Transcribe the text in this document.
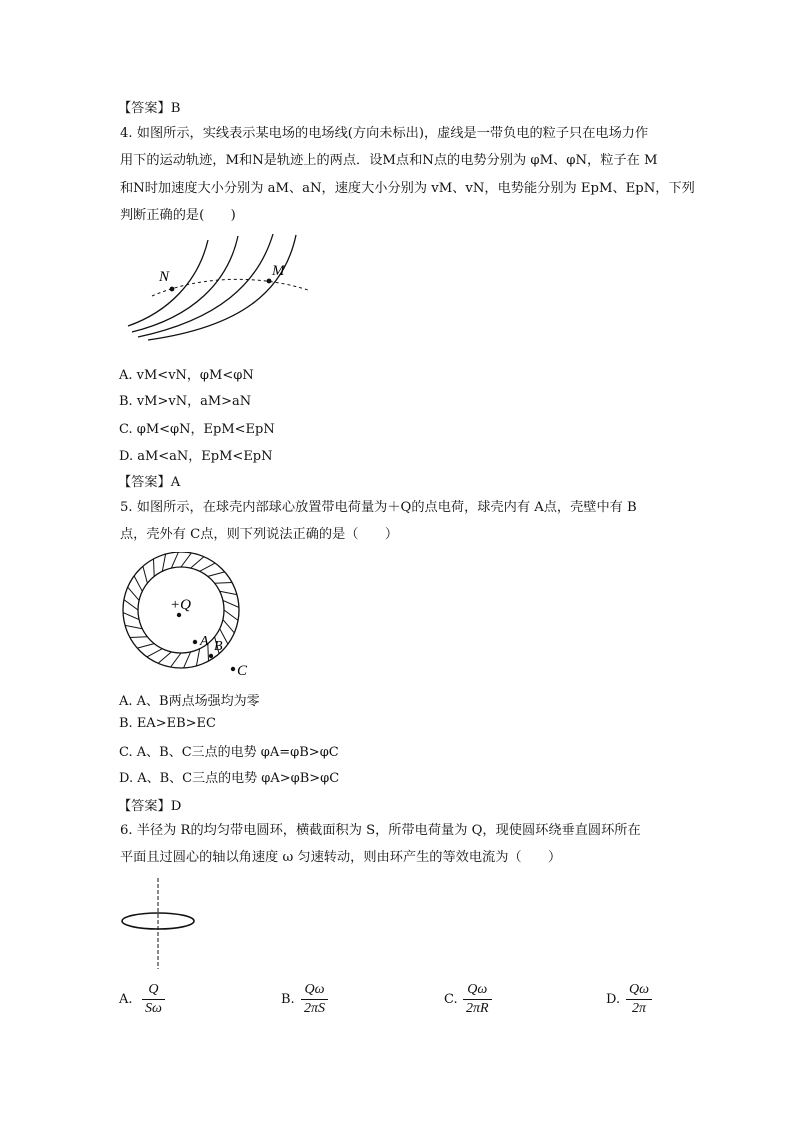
【答案】B
4. 如图所示，实线表示某电场的电场线(方向未标出)，虚线是一带负电的粒子只在电场力作
用下的运动轨迹，M和N是轨迹上的两点．设M点和N点的电势分别为 φM、φN，粒子在 M
和N时加速度大小分别为 aM、aN，速度大小分别为 vM、vN，电势能分别为 EpM、EpN，下列
判断正确的是(　　)
N	M
A. vM<vN，φM<φN
B. vM>vN，aM>aN
C. φM<φN，EpM<EpN
D. aM<aN，EpM<EpN
【答案】A
5. 如图所示，在球壳内部球心放置带电荷量为＋Q的点电荷，球壳内有 A点，壳壁中有 B
点，壳外有 C点，则下列说法正确的是（　　）
+Q
A B
C
A. A、B两点场强均为零
B. EA>EB>EC
C. A、B、C三点的电势 φA=φB>φC
D. A、B、C三点的电势 φA>φB>φC
【答案】D
6. 半径为 R的均匀带电圆环，横截面积为 S，所带电荷量为 Q，现使圆环绕垂直圆环所在
平面且过圆心的轴以角速度 ω 匀速转动，则由环产生的等效电流为（　　）
A.
Q
Sω
B.
Qω
2πS
C.
Qω
2πR
D.
Qω
2π
